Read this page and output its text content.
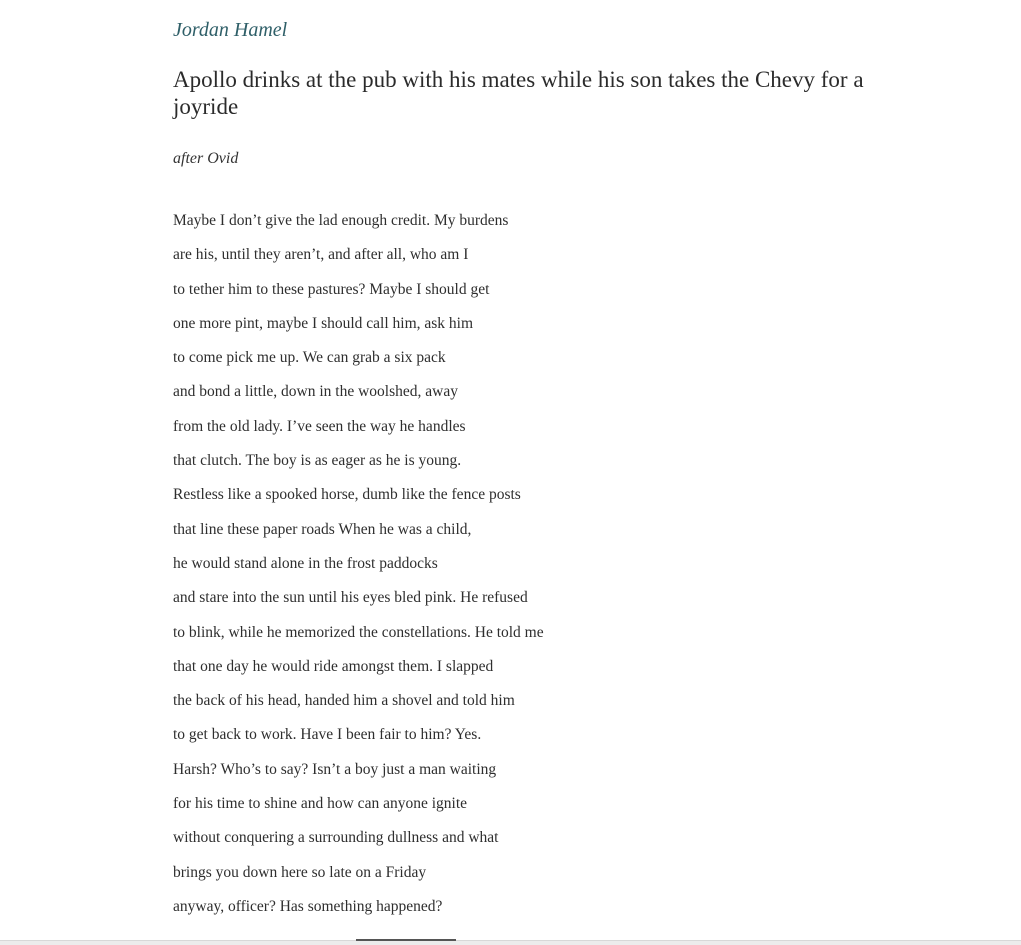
Jordan Hamel
Apollo drinks at the pub with his mates while his son takes the Chevy for a joyride
after Ovid
Maybe I don’t give the lad enough credit. My burdens
are his, until they aren’t, and after all, who am I
to tether him to these pastures? Maybe I should get
one more pint, maybe I should call him, ask him
to come pick me up. We can grab a six pack
and bond a little, down in the woolshed, away
from the old lady. I’ve seen the way he handles
that clutch. The boy is as eager as he is young.
Restless like a spooked horse, dumb like the fence posts
that line these paper roads When he was a child,
he would stand alone in the frost paddocks
and stare into the sun until his eyes bled pink. He refused
to blink, while he memorized the constellations. He told me
that one day he would ride amongst them. I slapped
the back of his head, handed him a shovel and told him
to get back to work. Have I been fair to him? Yes.
Harsh? Who’s to say? Isn’t a boy just a man waiting
for his time to shine and how can anyone ignite
without conquering a surrounding dullness and what
brings you down here so late on a Friday
anyway, officer? Has something happened?
